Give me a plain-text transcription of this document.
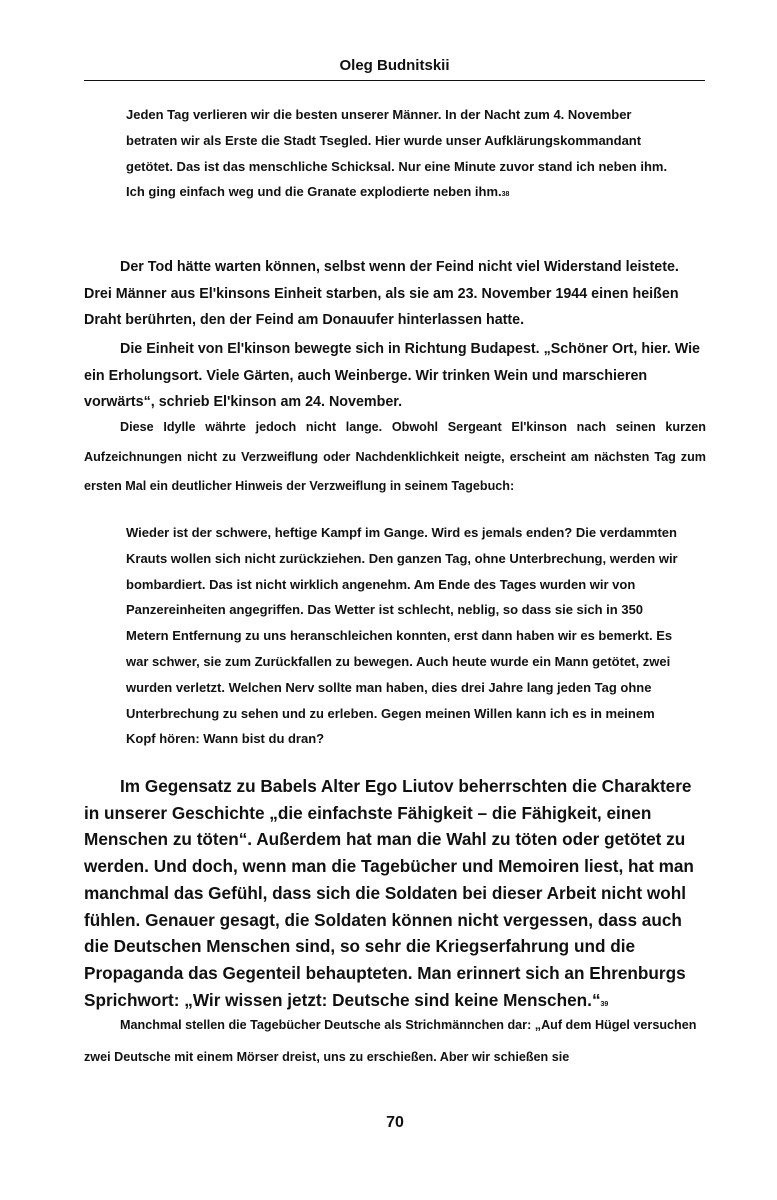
Oleg Budnitskii

Jeden Tag verlieren wir die besten unserer Männer. In der Nacht zum 4. November betraten wir als Erste die Stadt Tsegled. Hier wurde unser Aufklärungskommandant getötet. Das ist das menschliche Schicksal. Nur eine Minute zuvor stand ich neben ihm. Ich ging einfach weg und die Granate explodierte neben ihm.38

Der Tod hätte warten können, selbst wenn der Feind nicht viel Widerstand leistete. Drei Männer aus El'kinsons Einheit starben, als sie am 23. November 1944 einen heißen Draht berührten, den der Feind am Donauufer hinterlassen hatte.

Die Einheit von El'kinson bewegte sich in Richtung Budapest. „Schöner Ort, hier. Wie ein Erholungsort. Viele Gärten, auch Weinberge. Wir trinken Wein und marschieren vorwärts“, schrieb El'kinson am 24. November.

Diese Idylle währte jedoch nicht lange. Obwohl Sergeant El'kinson nach seinen kurzen Aufzeichnungen nicht zu Verzweiflung oder Nachdenklichkeit neigte, erscheint am nächsten Tag zum ersten Mal ein deutlicher Hinweis der Verzweiflung in seinem Tagebuch:

Wieder ist der schwere, heftige Kampf im Gange. Wird es jemals enden? Die verdammten Krauts wollen sich nicht zurückziehen. Den ganzen Tag, ohne Unterbrechung, werden wir bombardiert. Das ist nicht wirklich angenehm. Am Ende des Tages wurden wir von Panzereinheiten angegriffen. Das Wetter ist schlecht, neblig, so dass sie sich in 350 Metern Entfernung zu uns heranschleichen konnten, erst dann haben wir es bemerkt. Es war schwer, sie zum Zurückfallen zu bewegen. Auch heute wurde ein Mann getötet, zwei wurden verletzt. Welchen Nerv sollte man haben, dies drei Jahre lang jeden Tag ohne Unterbrechung zu sehen und zu erleben. Gegen meinen Willen kann ich es in meinem Kopf hören: Wann bist du dran?

Im Gegensatz zu Babels Alter Ego Liutov beherrschten die Charaktere in unserer Geschichte „die einfachste Fähigkeit – die Fähigkeit, einen Menschen zu töten“. Außerdem hat man die Wahl zu töten oder getötet zu werden. Und doch, wenn man die Tagebücher und Memoiren liest, hat man manchmal das Gefühl, dass sich die Soldaten bei dieser Arbeit nicht wohl fühlen. Genauer gesagt, die Soldaten können nicht vergessen, dass auch die Deutschen Menschen sind, so sehr die Kriegserfahrung und die Propaganda das Gegenteil behaupteten. Man erinnert sich an Ehrenburgs Sprichwort: „Wir wissen jetzt: Deutsche sind keine Menschen.“39

Manchmal stellen die Tagebücher Deutsche als Strichmännchen dar: „Auf dem Hügel versuchen zwei Deutsche mit einem Mörser dreist, uns zu erschießen. Aber wir schießen sie

70
